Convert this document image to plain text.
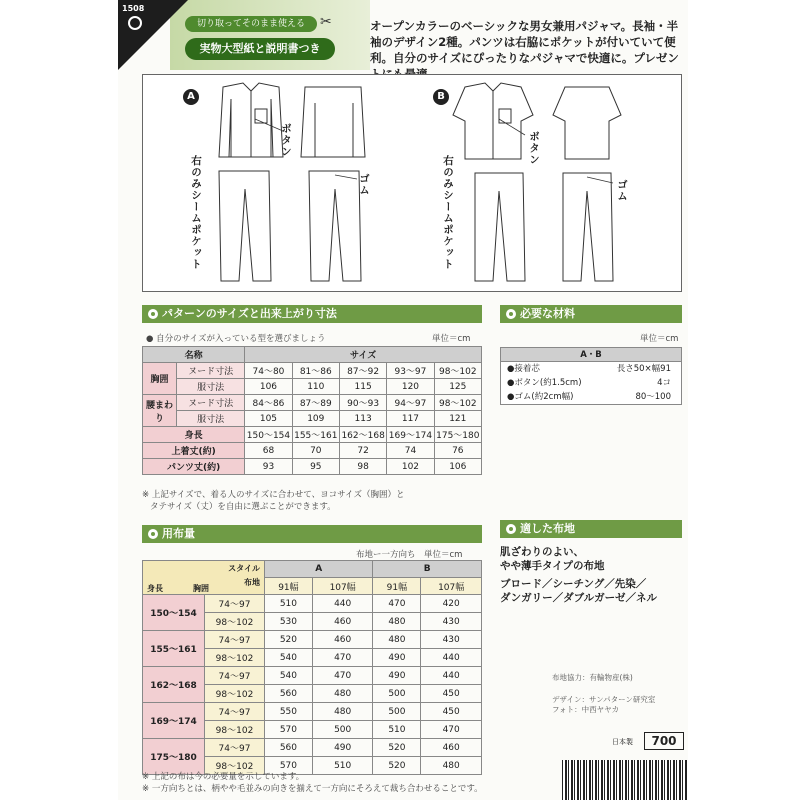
1508
切り取ってそのまま使える	✂
実物大型紙と説明書つき
オープンカラーのベーシックな男女兼用パジャマ。長袖・半袖のデザイン2種。パンツは右脇にポケットが付いていて便利。自分のサイズにぴったりなパジャマで快適に。プレゼン
A	B
ボタン
右のみシームポケット	ゴム
ボタン
右のみシームポケット	ゴム
パターンのサイズと出来上がり寸法
● 自分のサイズが入っている型を選びましょう	単位＝cm
名称		サイズ				
胸囲	ヌード寸法	74〜80	81〜86	87〜92	93〜97	98〜102
	服寸法	106	110	115	120	125
腰まわり	ヌード寸法	84〜86	87〜89	90〜93	94〜97	98〜102
	服寸法	105	109	113	117	121
身長		150〜154	155〜161	162〜168	169〜174	175〜180
上着丈(約)		68	70	72	74	76
パンツ丈(約)		93	95	98	102	106
※ 上記サイズで、着る人のサイズに合わせて、ヨコサイズ（胸囲）と
タテサイズ（丈）を自由に選ぶことができます。
必要な材料
単位＝cm
A・B
●接着芯	長さ50×幅91
●ボタン(約1.5cm)	4コ
●ゴム(約2cm幅)	80〜100
用布量
布地ー一方向ち　単位＝cm
スタイル
布地
胸囲
身長		A		B	
		91幅	107幅	91幅	107幅
150〜154	74〜97	510	440	470	420
	98〜102	530	460	480	430
155〜161	74〜97	520	460	480	430
	98〜102	540	470	490	440
162〜168	74〜97	540	470	490	440
	98〜102	560	480	500	450
169〜174	74〜97	550	480	500	450
	98〜102	570	500	510	470
175〜180	74〜97	560	490	520	460
	98〜102	570	510	520	480
※ 上記の布は今の必要量を示しています。
※ 一方向ちとは、柄やや毛並みの向きを揃えて一方向にそろえて裁ち合わせることです。
適した布地
肌ざわりのよい、
やや薄手タイプの布地
ブロード／シーチング／先染／
ダンガリー／ダブルガーゼ／ネル
布地協力：有輪物産(株)
デザイン：サンパターン研究室
フォト：中西ヤヤカ
日本製	700
